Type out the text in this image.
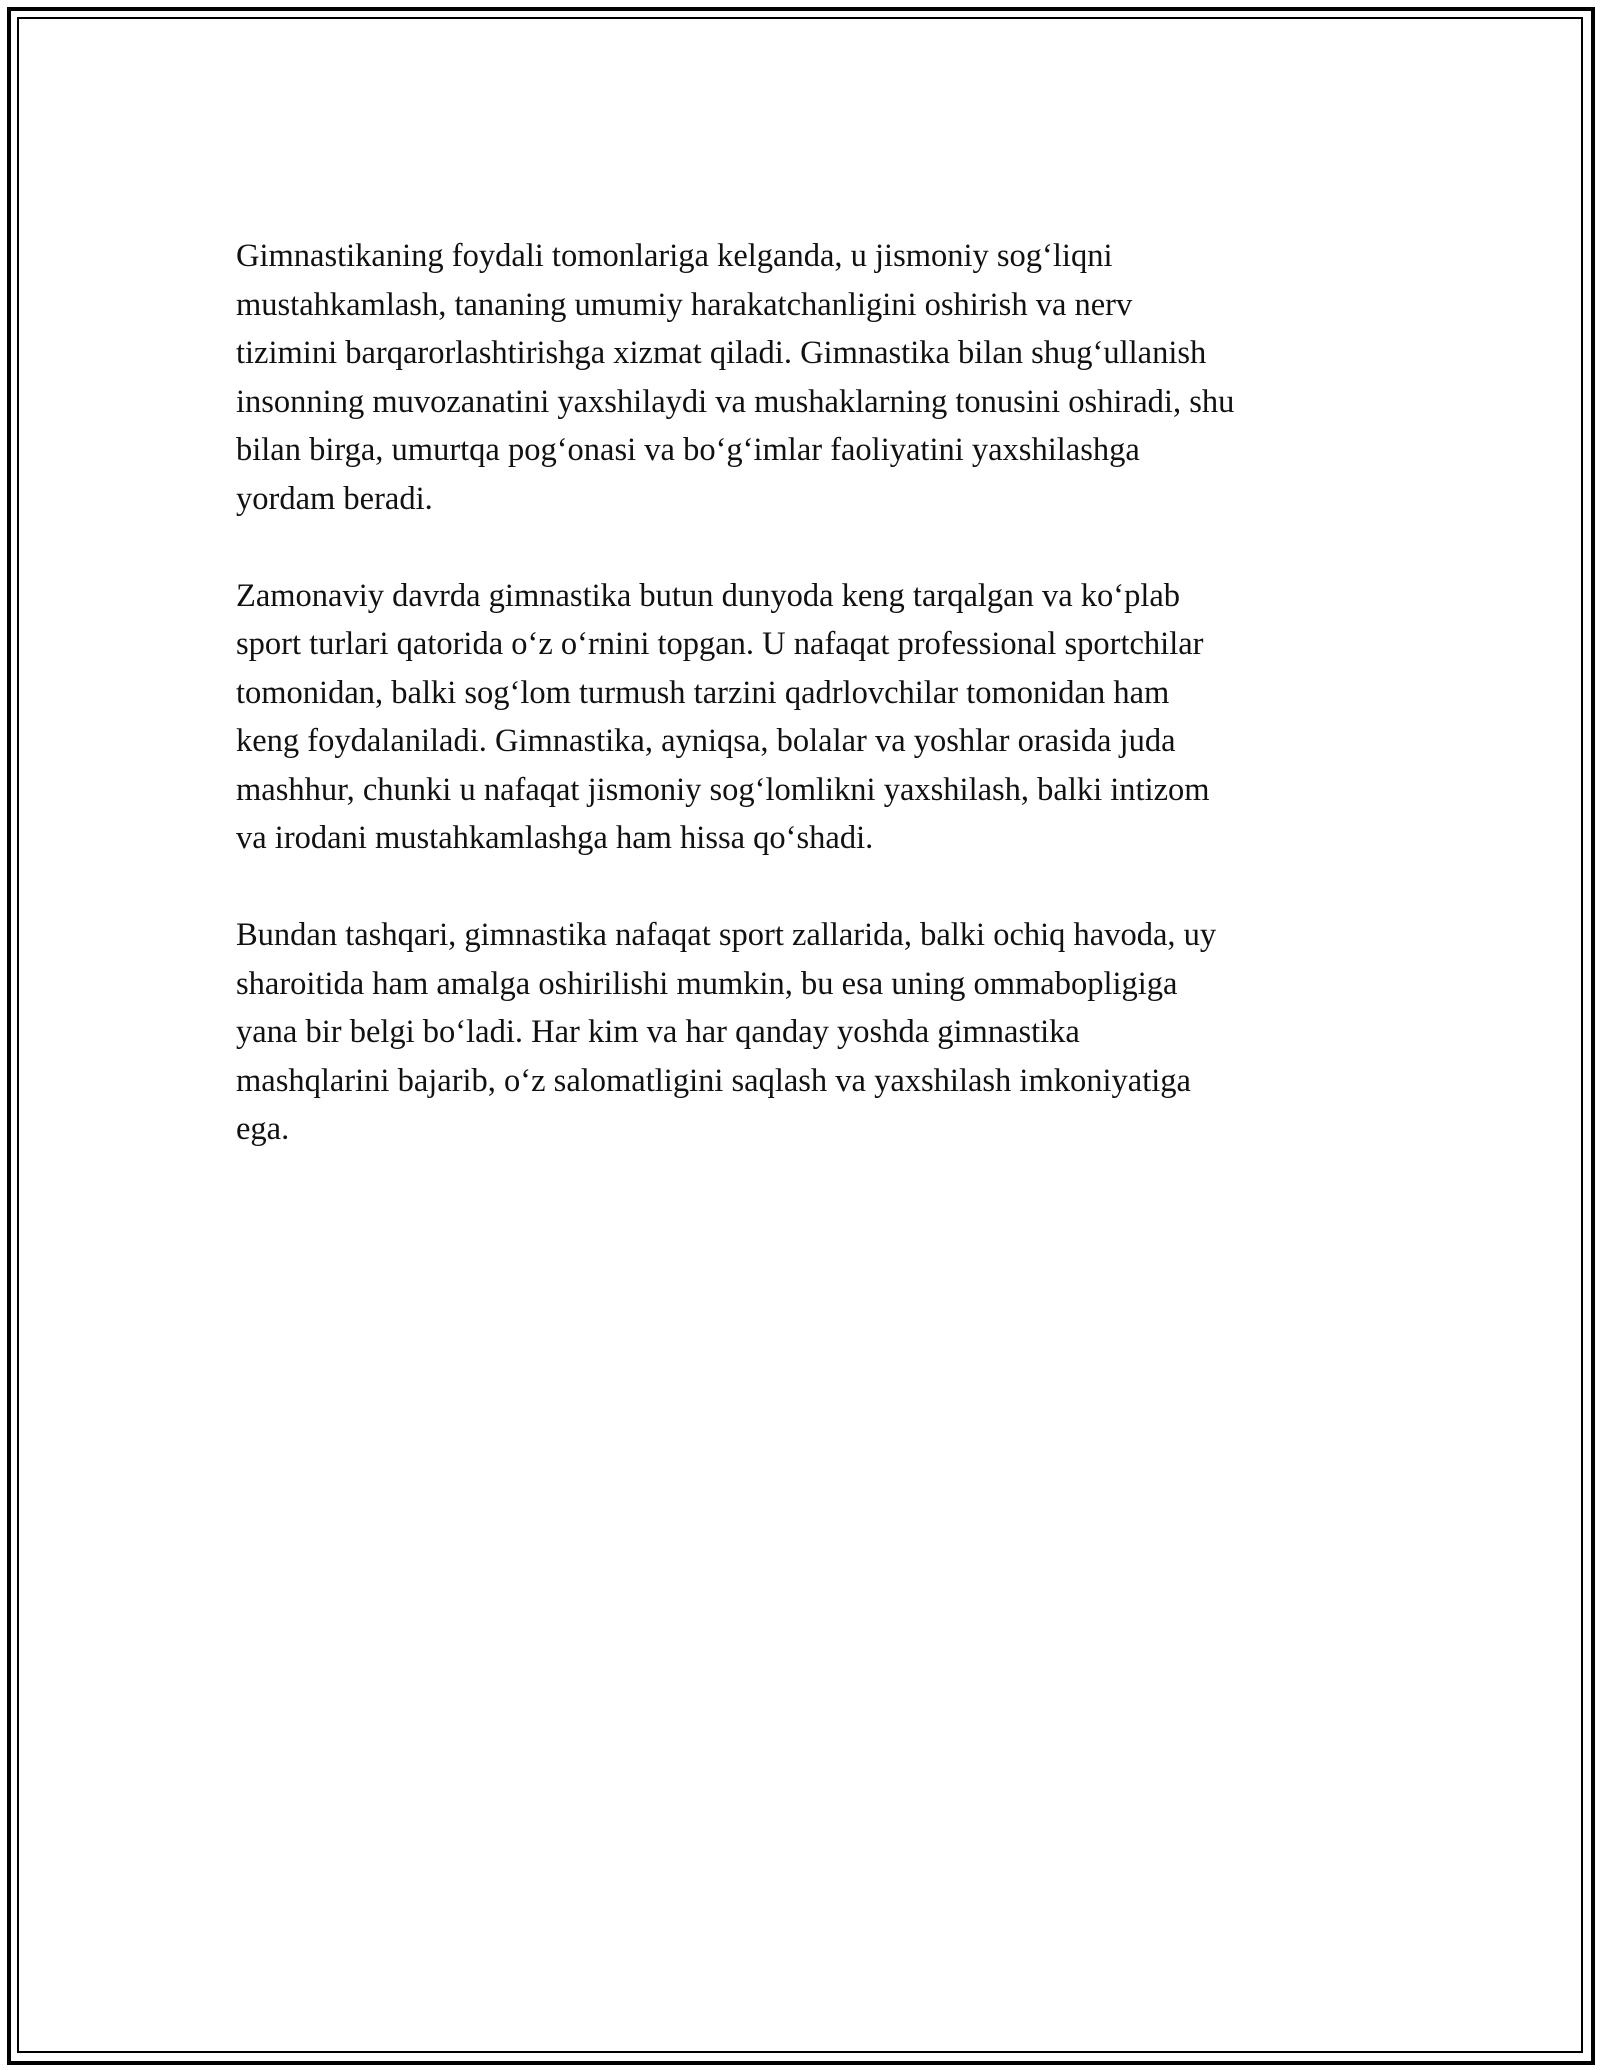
Gimnastikaning foydali tomonlariga kelganda, u jismoniy sog‘liqni
mustahkamlash, tananing umumiy harakatchanligini oshirish va nerv
tizimini barqarorlashtirishga xizmat qiladi. Gimnastika bilan shug‘ullanish
insonning muvozanatini yaxshilaydi va mushaklarning tonusini oshiradi, shu
bilan birga, umurtqa pog‘onasi va bo‘g‘imlar faoliyatini yaxshilashga
yordam beradi.

Zamonaviy davrda gimnastika butun dunyoda keng tarqalgan va ko‘plab
sport turlari qatorida o‘z o‘rnini topgan. U nafaqat professional sportchilar
tomonidan, balki sog‘lom turmush tarzini qadrlovchilar tomonidan ham
keng foydalaniladi. Gimnastika, ayniqsa, bolalar va yoshlar orasida juda
mashhur, chunki u nafaqat jismoniy sog‘lomlikni yaxshilash, balki intizom
va irodani mustahkamlashga ham hissa qo‘shadi.

Bundan tashqari, gimnastika nafaqat sport zallarida, balki ochiq havoda, uy
sharoitida ham amalga oshirilishi mumkin, bu esa uning ommabopligiga
yana bir belgi bo‘ladi. Har kim va har qanday yoshda gimnastika
mashqlarini bajarib, o‘z salomatligini saqlash va yaxshilash imkoniyatiga
ega.
